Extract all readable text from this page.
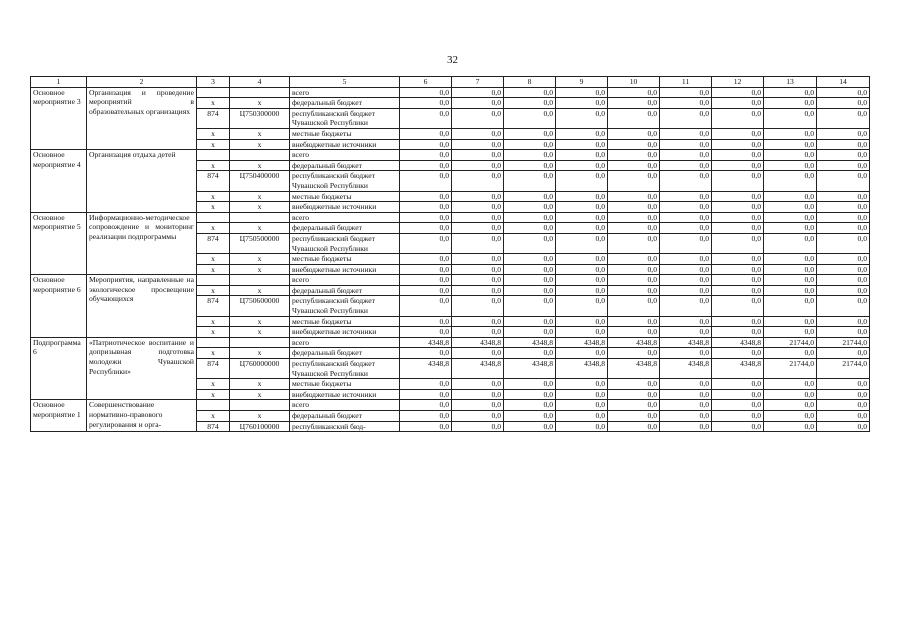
32
1	2	3	4	5	6	7	8	9	10	11	12	13	14
Основное мероприятие 3	Организация и проведение мероприятий в образовательных организациях			всего	0,0	0,0	0,0	0,0	0,0	0,0	0,0	0,0	0,0
		x	x	федеральный бюджет	0,0	0,0	0,0	0,0	0,0	0,0	0,0	0,0	0,0
		874	Ц750300000	республиканский бюджет Чувашской Республики	0,0	0,0	0,0	0,0	0,0	0,0	0,0	0,0	0,0
		x	x	местные бюджеты	0,0	0,0	0,0	0,0	0,0	0,0	0,0	0,0	0,0
		x	x	внебюджетные источники	0,0	0,0	0,0	0,0	0,0	0,0	0,0	0,0	0,0
Основное мероприятие 4	Организация отдыха детей			всего	0,0	0,0	0,0	0,0	0,0	0,0	0,0	0,0	0,0
		x	x	федеральный бюджет	0,0	0,0	0,0	0,0	0,0	0,0	0,0	0,0	0,0
		874	Ц750400000	республиканский бюджет Чувашской Республики	0,0	0,0	0,0	0,0	0,0	0,0	0,0	0,0	0,0
		x	x	местные бюджеты	0,0	0,0	0,0	0,0	0,0	0,0	0,0	0,0	0,0
		x	x	внебюджетные источники	0,0	0,0	0,0	0,0	0,0	0,0	0,0	0,0	0,0
Основное мероприятие 5	Информационно-методическое сопровождение и мониторинг реализации подпрограммы			всего	0,0	0,0	0,0	0,0	0,0	0,0	0,0	0,0	0,0
		x	x	федеральный бюджет	0,0	0,0	0,0	0,0	0,0	0,0	0,0	0,0	0,0
		874	Ц750500000	республиканский бюджет Чувашской Республики	0,0	0,0	0,0	0,0	0,0	0,0	0,0	0,0	0,0
		x	x	местные бюджеты	0,0	0,0	0,0	0,0	0,0	0,0	0,0	0,0	0,0
		x	x	внебюджетные источники	0,0	0,0	0,0	0,0	0,0	0,0	0,0	0,0	0,0
Основное мероприятие 6	Мероприятия, направленные на экологическое просвещение обучающихся			всего	0,0	0,0	0,0	0,0	0,0	0,0	0,0	0,0	0,0
		x	x	федеральный бюджет	0,0	0,0	0,0	0,0	0,0	0,0	0,0	0,0	0,0
		874	Ц750600000	республиканский бюджет Чувашской Республики	0,0	0,0	0,0	0,0	0,0	0,0	0,0	0,0	0,0
		x	x	местные бюджеты	0,0	0,0	0,0	0,0	0,0	0,0	0,0	0,0	0,0
		x	x	внебюджетные источники	0,0	0,0	0,0	0,0	0,0	0,0	0,0	0,0	0,0
Подпрограмма 6	«Патриотическое воспитание и допризывная подготовка молодежи Чувашской Республики»			всего	4348,8	4348,8	4348,8	4348,8	4348,8	4348,8	4348,8	21744,0	21744,0
		x	x	федеральный бюджет	0,0	0,0	0,0	0,0	0,0	0,0	0,0	0,0	0,0
		874	Ц760000000	республиканский бюджет Чувашской Республики	4348,8	4348,8	4348,8	4348,8	4348,8	4348,8	4348,8	21744,0	21744,0
		x	x	местные бюджеты	0,0	0,0	0,0	0,0	0,0	0,0	0,0	0,0	0,0
		x	x	внебюджетные источники	0,0	0,0	0,0	0,0	0,0	0,0	0,0	0,0	0,0
Основное мероприятие 1	Совершенствование нормативно-правового регулирования и орга-			всего	0,0	0,0	0,0	0,0	0,0	0,0	0,0	0,0	0,0
		x	x	федеральный бюджет	0,0	0,0	0,0	0,0	0,0	0,0	0,0	0,0	0,0
		874	Ц760100000	республиканский бюд-	0,0	0,0	0,0	0,0	0,0	0,0	0,0	0,0	0,0
